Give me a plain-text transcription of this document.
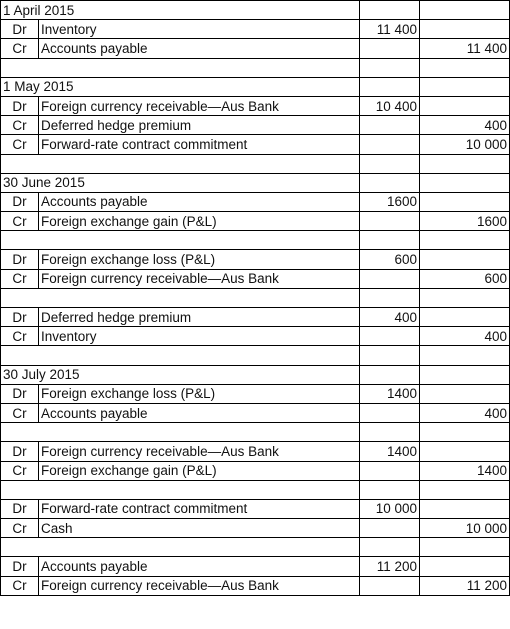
1 April 2015			
Dr	Inventory	11 400	
Cr	Accounts payable		11 400

1 May 2015			
Dr	Foreign currency receivable—Aus Bank	10 400	
Cr	Deferred hedge premium		400
Cr	Forward-rate contract commitment		10 000

30 June 2015			
Dr	Accounts payable	1600	
Cr	Foreign exchange gain (P&L)		1600

Dr	Foreign exchange loss (P&L)	600	
Cr	Foreign currency receivable—Aus Bank		600

Dr	Deferred hedge premium	400	
Cr	Inventory		400

30 July 2015			
Dr	Foreign exchange loss (P&L)	1400	
Cr	Accounts payable		400

Dr	Foreign currency receivable—Aus Bank	1400	
Cr	Foreign exchange gain (P&L)		1400

Dr	Forward-rate contract commitment	10 000	
Cr	Cash		10 000

Dr	Accounts payable	11 200	
Cr	Foreign currency receivable—Aus Bank		11 200
